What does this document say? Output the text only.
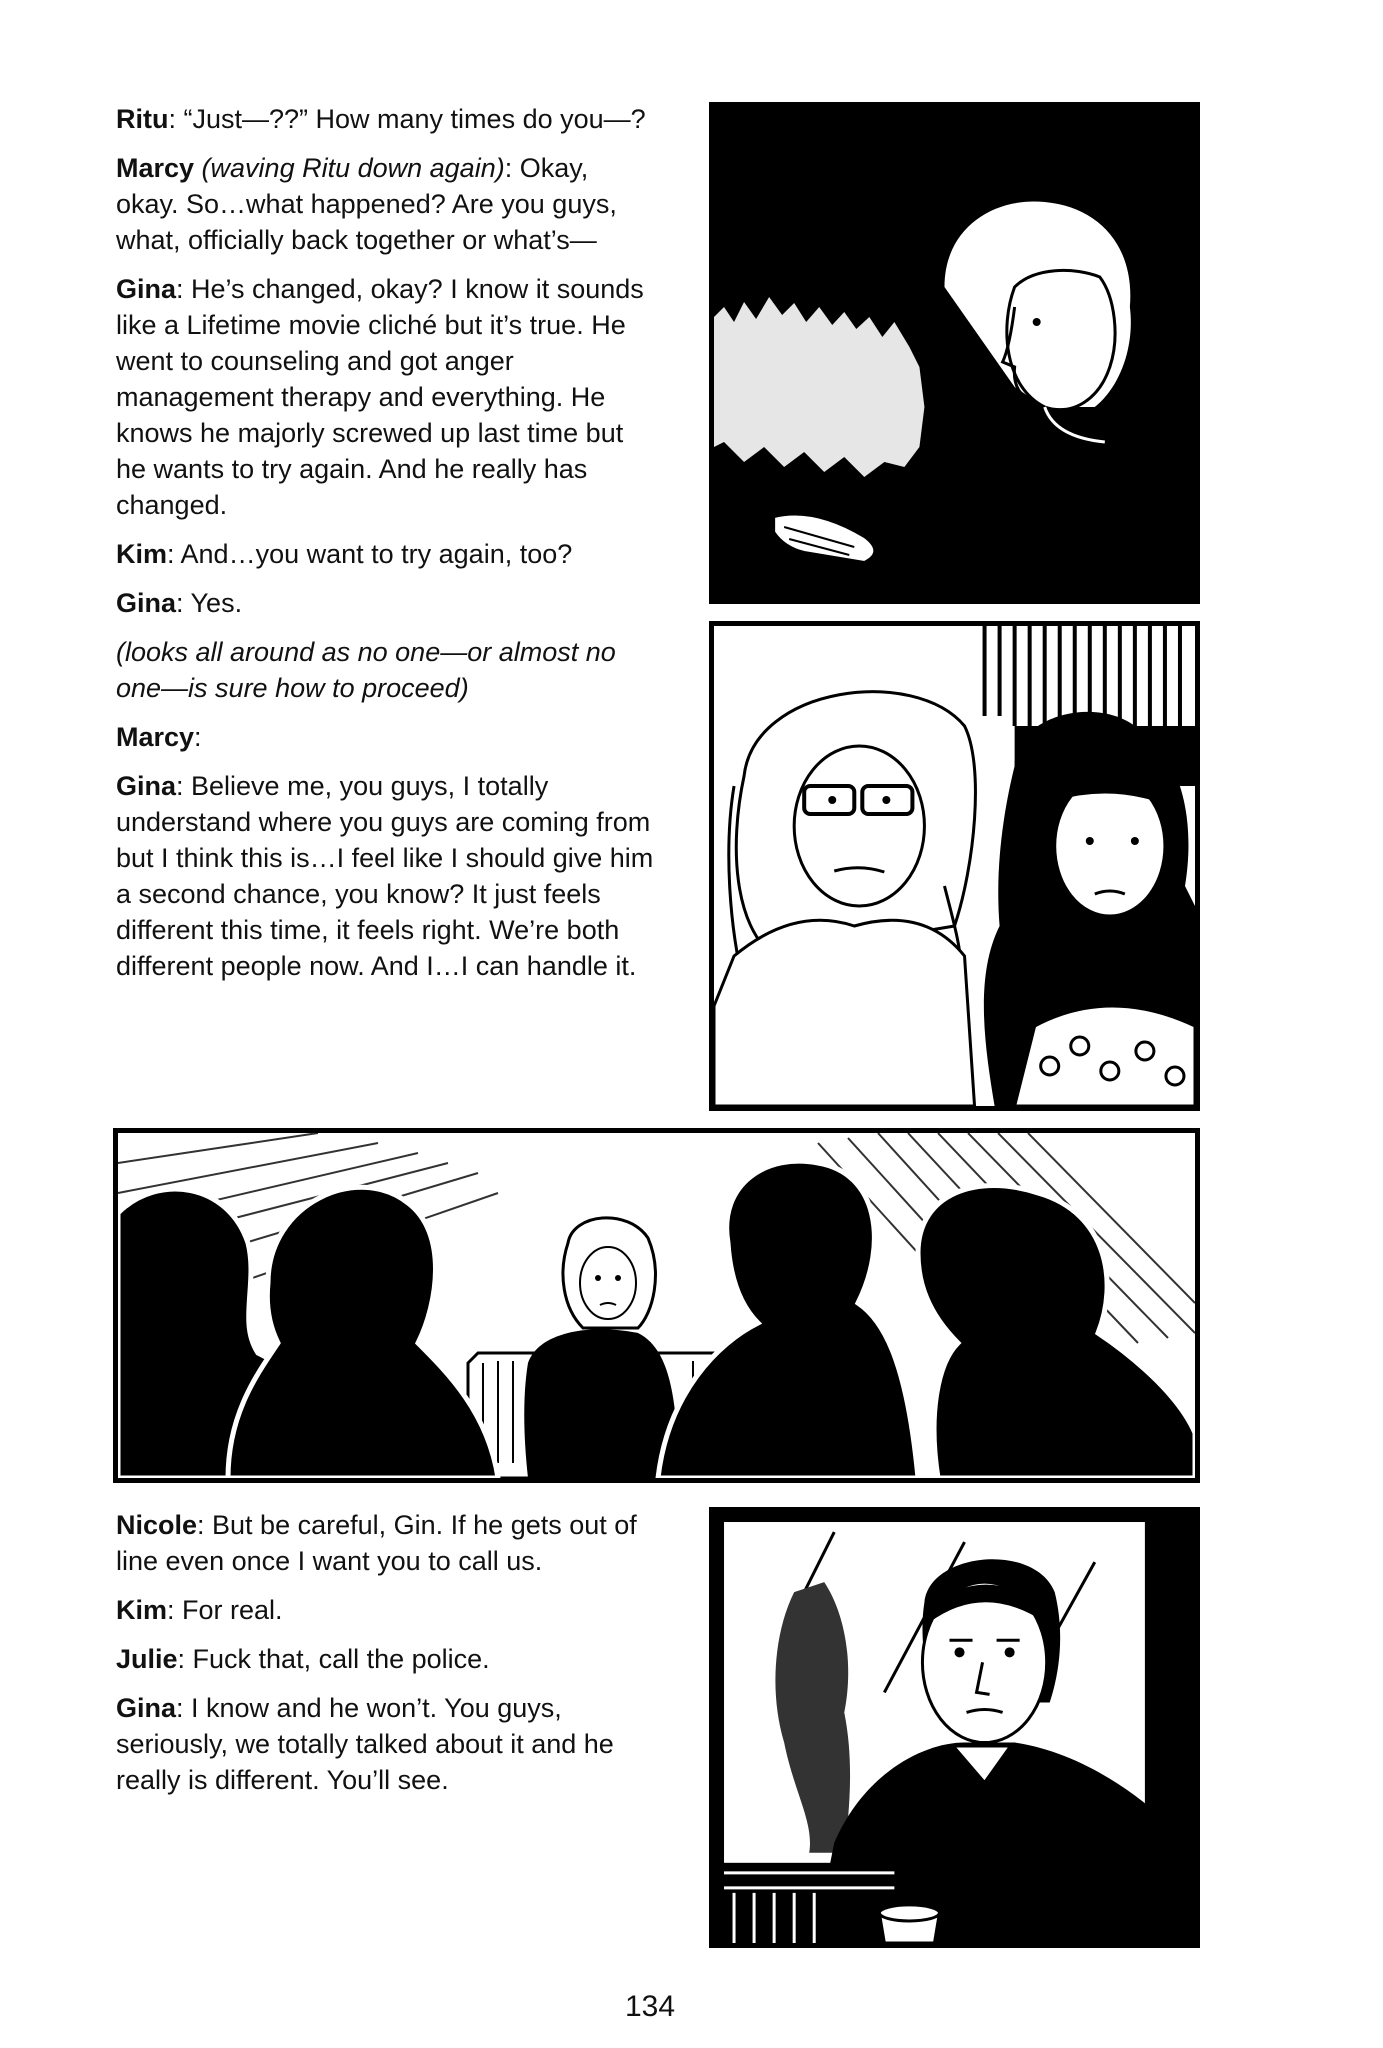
Ritu: “Just—??” How many times do you—?

Marcy (waving Ritu down again): Okay, okay. So…what happened? Are you guys, what, officially back together or what’s—

Gina: He’s changed, okay? I know it sounds like a Lifetime movie cliché but it’s true. He went to counseling and got anger management therapy and everything. He knows he majorly screwed up last time but he wants to try again. And he really has changed.

Kim: And…you want to try again, too?

Gina: Yes.

(looks all around as no one—or almost no one—is sure how to proceed)

Marcy:

Gina: Believe me, you guys, I totally understand where you guys are coming from but I think this is…I feel like I should give him a second chance, you know? It just feels different this time, it feels right. We’re both different people now. And I…I can handle it.

Nicole: But be careful, Gin. If he gets out of line even once I want you to call us.

Kim: For real.

Julie: Fuck that, call the police.

Gina: I know and he won’t. You guys, seriously, we totally talked about it and he really is different. You’ll see.

134
